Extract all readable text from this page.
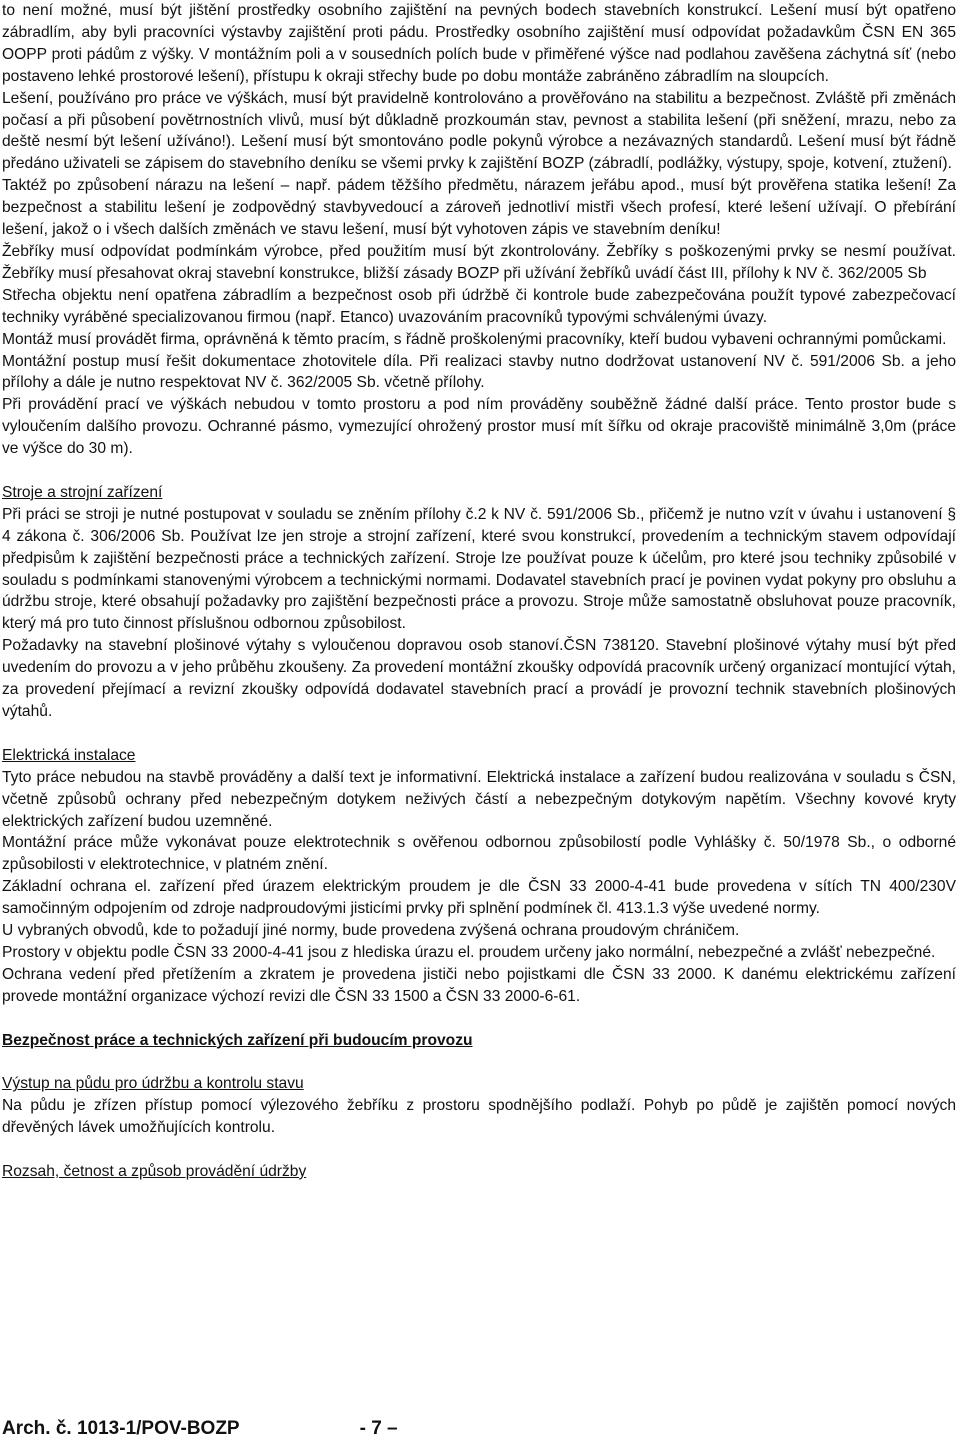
to není možné, musí být jištění prostředky osobního zajištění na pevných bodech stavebních konstrukcí. Lešení musí být opatřeno zábradlím, aby byli pracovníci výstavby zajištění proti pádu. Prostředky osobního zajištění musí odpovídat požadavkům ČSN EN 365 OOPP proti pádům z výšky. V montážním poli a v sousedních polích bude v přiměřené výšce nad podlahou zavěšena záchytná síť (nebo postaveno lehké prostorové lešení), přístupu k okraji střechy bude po dobu montáže zabráněno zábradlím na sloupcích.

Lešení, používáno pro práce ve výškách, musí být pravidelně kontrolováno a prověřováno na stabilitu a bezpečnost. Zvláště při změnách počasí a při působení povětrnostních vlivů, musí být důkladně prozkoumán stav, pevnost a stabilita lešení (při sněžení, mrazu, nebo za deště nesmí být lešení užíváno!). Lešení musí být smontováno podle pokynů výrobce a nezávazných standardů. Lešení musí být řádně předáno uživateli se zápisem do stavebního deníku se všemi prvky k zajištění BOZP (zábradlí, podlážky, výstupy, spoje, kotvení, ztužení).

Taktéž po způsobení nárazu na lešení – např. pádem těžšího předmětu, nárazem jeřábu apod., musí být prověřena statika lešení! Za bezpečnost a stabilitu lešení je zodpovědný stavbyvedoucí a zároveň jednotliví mistři všech profesí, které lešení užívají. O přebírání lešení, jakož o i všech dalších změnách ve stavu lešení, musí být vyhotoven zápis ve stavebním deníku!

Žebříky musí odpovídat podmínkám výrobce, před použitím musí být zkontrolovány. Žebříky s poškozenými prvky se nesmí používat. Žebříky musí přesahovat okraj stavební konstrukce, bližší zásady BOZP při užívání žebříků uvádí část III, přílohy k NV č. 362/2005 Sb

Střecha objektu není opatřena zábradlím a bezpečnost osob při údržbě či kontrole bude zabezpečována použít typové zabezpečovací techniky vyráběné specializovanou firmou (např. Etanco) uvazováním pracovníků typovými schválenými úvazy.

Montáž musí provádět firma, oprávněná k těmto pracím, s řádně proškolenými pracovníky, kteří budou vybaveni ochrannými pomůckami.

Montážní postup musí řešit dokumentace zhotovitele díla. Při realizaci stavby nutno dodržovat ustanovení NV č. 591/2006 Sb. a jeho přílohy a dále je nutno respektovat NV č. 362/2005 Sb. včetně přílohy.

Při provádění prací ve výškách nebudou v tomto prostoru a pod ním prováděny souběžně žádné další práce. Tento prostor bude s vyloučením dalšího provozu. Ochranné pásmo, vymezující ohrožený prostor musí mít šířku od okraje pracoviště minimálně 3,0m (práce ve výšce do 30 m).

Stroje a strojní zařízení

Při práci se stroji je nutné postupovat v souladu se zněním přílohy č.2 k NV č. 591/2006 Sb., přičemž je nutno vzít v úvahu i ustanovení § 4 zákona č. 306/2006 Sb. Používat lze jen stroje a strojní zařízení, které svou konstrukcí, provedením a technickým stavem odpovídají předpisům k zajištění bezpečnosti práce a technických zařízení. Stroje lze používat pouze k účelům, pro které jsou techniky způsobilé v souladu s podmínkami stanovenými výrobcem a technickými normami. Dodavatel stavebních prací je povinen vydat pokyny pro obsluhu a údržbu stroje, které obsahují požadavky pro zajištění bezpečnosti práce a provozu. Stroje může samostatně obsluhovat pouze pracovník, který má pro tuto činnost příslušnou odbornou způsobilost.

Požadavky na stavební plošinové výtahy s vyloučenou dopravou osob stanoví.ČSN 738120. Stavební plošinové výtahy musí být před uvedením do provozu a v jeho průběhu zkoušeny. Za provedení montážní zkoušky odpovídá pracovník určený organizací montující výtah, za provedení přejímací a revizní zkoušky odpovídá dodavatel stavebních prací a provádí je provozní technik stavebních plošinových výtahů.

Elektrická instalace

Tyto práce nebudou na stavbě prováděny a další text je informativní. Elektrická instalace a zařízení budou realizována v souladu s ČSN, včetně způsobů ochrany před nebezpečným dotykem neživých částí a nebezpečným dotykovým napětím. Všechny kovové kryty elektrických zařízení budou uzemněné.

Montážní práce může vykonávat pouze elektrotechnik s ověřenou odbornou způsobilostí podle Vyhlášky č. 50/1978 Sb., o odborné způsobilosti v elektrotechnice, v platném znění.

Základní ochrana el. zařízení před úrazem elektrickým proudem je dle ČSN 33 2000-4-41 bude provedena v sítích TN 400/230V samočinným odpojením od zdroje nadproudovými jisticími prvky při splnění podmínek čl. 413.1.3 výše uvedené normy.

U vybraných obvodů, kde to požadují jiné normy, bude provedena zvýšená ochrana proudovým chráničem.

Prostory v objektu podle ČSN 33 2000-4-41 jsou z hlediska úrazu el. proudem určeny jako normální, nebezpečné a zvlášť nebezpečné.

Ochrana vedení před přetížením a zkratem je provedena jističi nebo pojistkami dle ČSN 33 2000. K danému elektrickému zařízení provede montážní organizace výchozí revizi dle ČSN 33 1500 a ČSN 33 2000-6-61.

Bezpečnost práce a technických zařízení při budoucím provozu

Výstup na půdu pro údržbu a kontrolu stavu

Na půdu je zřízen přístup pomocí výlezového žebříku z prostoru spodnějšího podlaží. Pohyb po půdě je zajištěn pomocí nových dřevěných lávek umožňujících kontrolu.

Rozsah, četnost a způsob provádění údržby

Arch. č. 1013-1/POV-BOZP	- 7 –
